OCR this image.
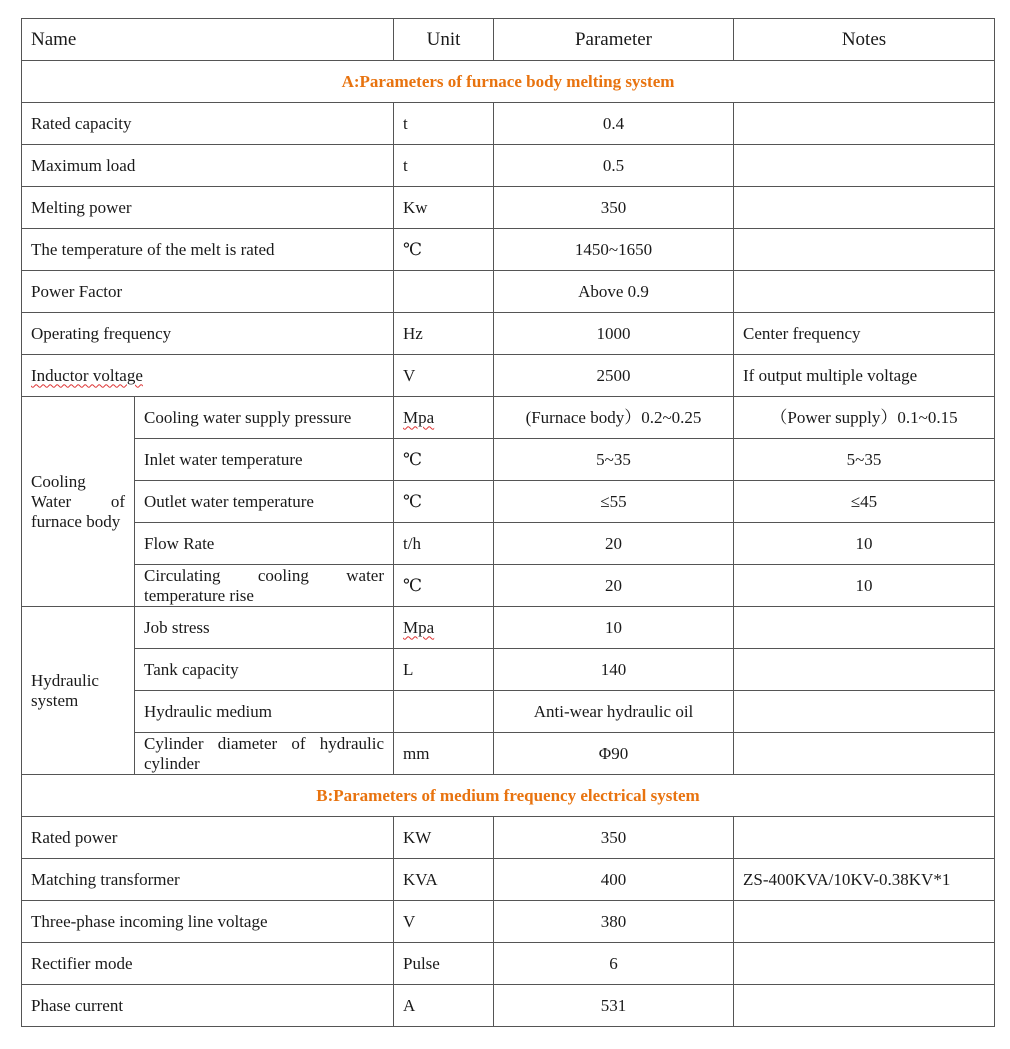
Name		Unit	Parameter	Notes
A:Parameters of furnace body melting system				
Rated capacity		t	0.4	
Maximum load		t	0.5	
Melting power		Kw	350	
The temperature of the melt is rated		℃	1450~1650	
Power Factor			Above 0.9	
Operating frequency		Hz	1000	Center frequency
Inductor voltage		V	2500	If output multiple voltage
Cooling Water of furnace body	Cooling water supply pressure	Mpa	(Furnace body）0.2~0.25	（Power supply）0.1~0.15
	Inlet water temperature	℃	5~35	5~35
	Outlet water temperature	℃	≤55	≤45
	Flow Rate	t/h	20	10
	Circulating cooling water temperature rise	℃	20	10
Hydraulic system	Job stress	Mpa	10	
	Tank capacity	L	140	
	Hydraulic medium		Anti-wear hydraulic oil	
	Cylinder diameter of hydraulic cylinder	mm	Φ90	
B:Parameters of medium frequency electrical system				
Rated power		KW	350	
Matching transformer		KVA	400	ZS-400KVA/10KV-0.38KV*1
Three-phase incoming line voltage		V	380	
Rectifier mode		Pulse	6	
Phase current		A	531	
